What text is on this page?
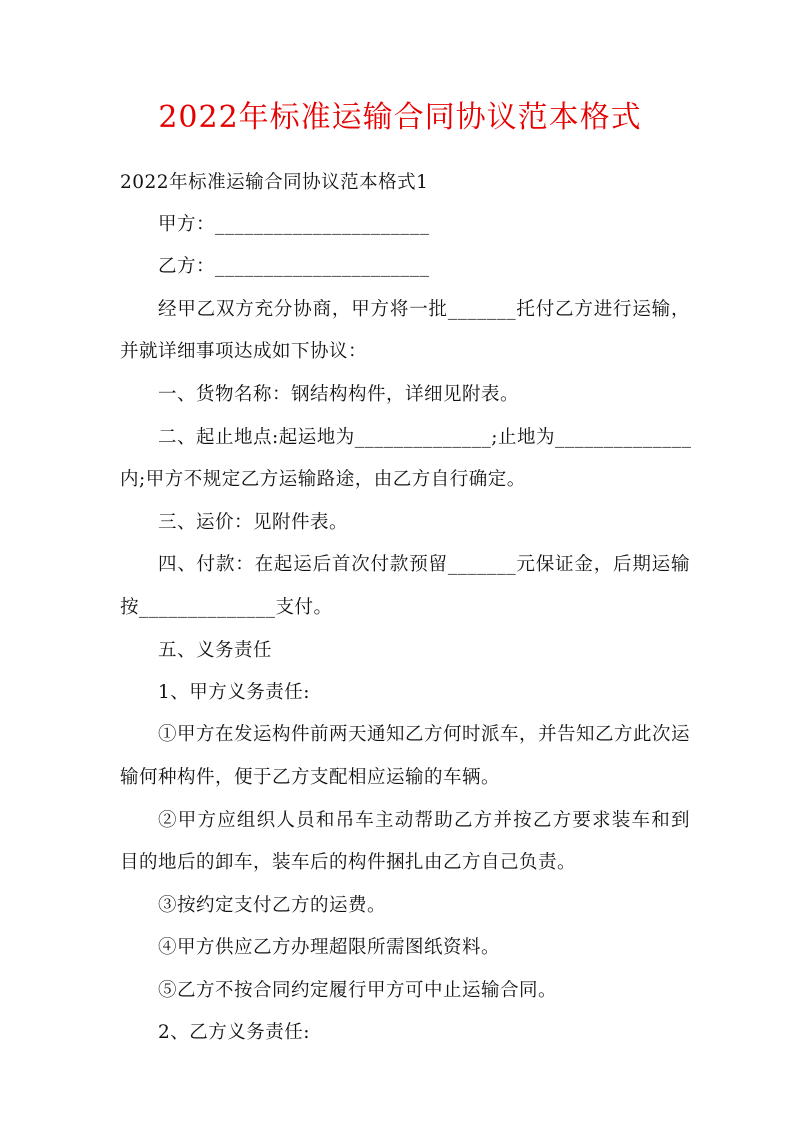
2022年标准运输合同协议范本格式
2022年标准运输合同协议范本格式1
甲方：______________________
乙方：______________________
经甲乙双方充分协商，甲方将一批_______托付乙方进行运输，
并就详细事项达成如下协议：
一、货物名称：钢结构构件，详细见附表。
二、起止地点:起运地为______________;止地为______________
内;甲方不规定乙方运输路途，由乙方自行确定。
三、运价：见附件表。
四、付款：在起运后首次付款预留_______元保证金，后期运输
按______________支付。
五、义务责任
1、甲方义务责任:
①甲方在发运构件前两天通知乙方何时派车，并告知乙方此次运
输何种构件，便于乙方支配相应运输的车辆。
②甲方应组织人员和吊车主动帮助乙方并按乙方要求装车和到
目的地后的卸车，装车后的构件捆扎由乙方自己负责。
③按约定支付乙方的运费。
④甲方供应乙方办理超限所需图纸资料。
⑤乙方不按合同约定履行甲方可中止运输合同。
2、乙方义务责任:
